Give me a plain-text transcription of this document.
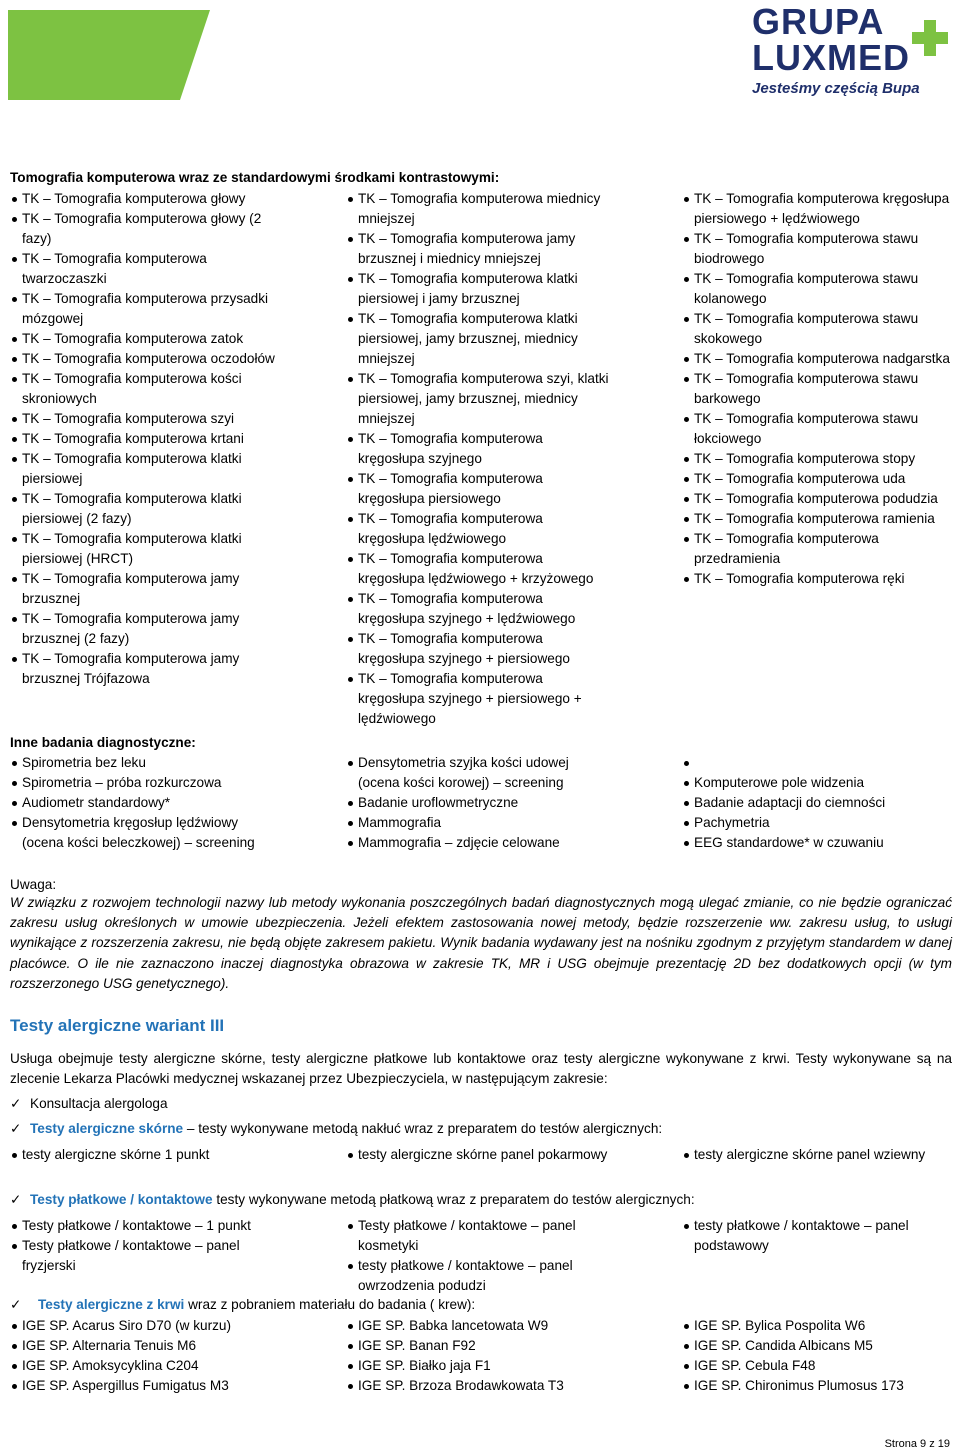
GRUPA
LUXMED
Jesteśmy częścią Bupa
Tomografia komputerowa wraz ze standardowymi środkami kontrastowymi:
TK – Tomografia komputerowa głowy
TK – Tomografia komputerowa głowy (2 fazy)
TK – Tomografia komputerowa twarzoczaszki
TK – Tomografia komputerowa przysadki mózgowej
TK – Tomografia komputerowa zatok
TK – Tomografia komputerowa oczodołów
TK – Tomografia komputerowa kości skroniowych
TK – Tomografia komputerowa szyi
TK – Tomografia komputerowa krtani
TK – Tomografia komputerowa klatki piersiowej
TK – Tomografia komputerowa klatki piersiowej (2 fazy)
TK – Tomografia komputerowa klatki piersiowej (HRCT)
TK – Tomografia komputerowa jamy brzusznej
TK – Tomografia komputerowa jamy brzusznej (2 fazy)
TK – Tomografia komputerowa jamy brzusznej Trójfazowa
TK – Tomografia komputerowa miednicy mniejszej
TK – Tomografia komputerowa jamy brzusznej i miednicy mniejszej
TK – Tomografia komputerowa klatki piersiowej i jamy brzusznej
TK – Tomografia komputerowa klatki piersiowej, jamy brzusznej, miednicy mniejszej
TK – Tomografia komputerowa szyi, klatki piersiowej, jamy brzusznej, miednicy mniejszej
TK – Tomografia komputerowa kręgosłupa szyjnego
TK – Tomografia komputerowa kręgosłupa piersiowego
TK – Tomografia komputerowa kręgosłupa lędźwiowego
TK – Tomografia komputerowa kręgosłupa lędźwiowego + krzyżowego
TK – Tomografia komputerowa kręgosłupa szyjnego + lędźwiowego
TK – Tomografia komputerowa kręgosłupa szyjnego + piersiowego
TK – Tomografia komputerowa kręgosłupa szyjnego + piersiowego + lędźwiowego
TK – Tomografia komputerowa kręgosłupa piersiowego + lędźwiowego
TK – Tomografia komputerowa stawu biodrowego
TK – Tomografia komputerowa stawu kolanowego
TK – Tomografia komputerowa stawu skokowego
TK – Tomografia komputerowa nadgarstka
TK – Tomografia komputerowa stawu barkowego
TK – Tomografia komputerowa stawu łokciowego
TK – Tomografia komputerowa stopy
TK – Tomografia komputerowa uda
TK – Tomografia komputerowa podudzia
TK – Tomografia komputerowa ramienia
TK – Tomografia komputerowa przedramienia
TK – Tomografia komputerowa ręki
Inne badania diagnostyczne:
Spirometria bez leku
Spirometria – próba rozkurczowa
Audiometr standardowy*
Densytometria kręgosłup lędźwiowy (ocena kości beleczkowej) – screening
Densytometria szyjka kości udowej (ocena kości korowej) – screening
Badanie uroflowmetryczne
Mammografia
Mammografia – zdjęcie celowane
Komputerowe pole widzenia
Badanie adaptacji do ciemności
Pachymetria
EEG standardowe* w czuwaniu
Uwaga:
W związku z rozwojem technologii nazwy lub metody wykonania poszczególnych badań diagnostycznych mogą ulegać zmianie, co nie będzie ograniczać zakresu usług określonych w umowie ubezpieczenia. Jeżeli efektem zastosowania nowej metody, będzie rozszerzenie ww. zakresu usług, to usługi wynikające z rozszerzenia zakresu, nie będą objęte zakresem pakietu. Wynik badania wydawany jest na nośniku zgodnym z przyjętym standardem w danej placówce. O ile nie zaznaczono inaczej diagnostyka obrazowa w zakresie TK, MR i USG obejmuje prezentację 2D bez dodatkowych opcji (w tym rozszerzonego USG genetycznego).
Testy alergiczne wariant III
Usługa obejmuje testy alergiczne skórne, testy alergiczne płatkowe lub kontaktowe oraz testy alergiczne wykonywane z krwi. Testy wykonywane są na zlecenie Lekarza Placówki medycznej wskazanej przez Ubezpieczyciela, w następującym zakresie:
✓ Konsultacja alergologa
✓ Testy alergiczne skórne – testy wykonywane metodą nakłuć wraz z preparatem do testów alergicznych:
testy alergiczne skórne 1 punkt	testy alergiczne skórne panel pokarmowy	testy alergiczne skórne panel wziewny
✓ Testy płatkowe / kontaktowe testy wykonywane metodą płatkową wraz z preparatem do testów alergicznych:
Testy płatkowe / kontaktowe – 1 punkt
Testy płatkowe / kontaktowe – panel fryzjerski
Testy płatkowe / kontaktowe – panel kosmetyki
testy płatkowe / kontaktowe – panel owrzodzenia podudzi
testy płatkowe / kontaktowe – panel podstawowy
✓ Testy alergiczne z krwi wraz z pobraniem materiału do badania ( krew):
IGE SP. Acarus Siro D70 (w kurzu)
IGE SP. Alternaria Tenuis M6
IGE SP. Amoksycyklina C204
IGE SP. Aspergillus Fumigatus M3
IGE SP. Babka lancetowata W9
IGE SP. Banan F92
IGE SP. Białko jaja F1
IGE SP. Brzoza Brodawkowata T3
IGE SP. Bylica Pospolita W6
IGE SP. Candida Albicans M5
IGE SP. Cebula F48
IGE SP. Chironimus Plumosus 173
Strona 9 z 19
